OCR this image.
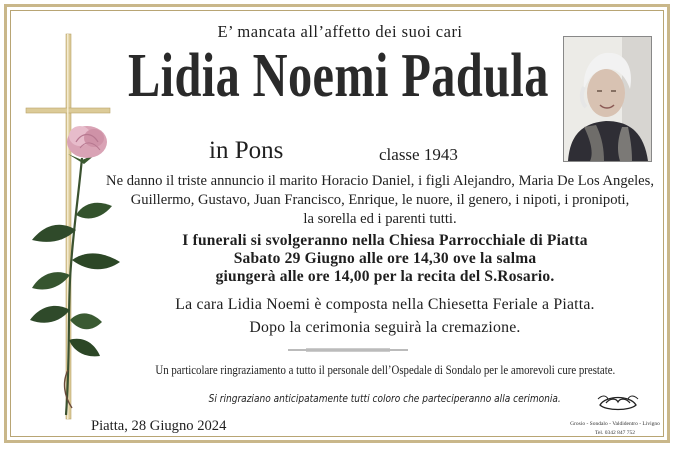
E’ mancata all’affetto dei suoi cari
Lidia Noemi Padula
in Pons	classe 1943
Ne danno il triste annuncio il marito Horacio Daniel, i figli Alejandro, Maria De Los Angeles,
Guillermo, Gustavo, Juan Francisco, Enrique, le nuore, il genero, i nipoti, i pronipoti,
la sorella ed i parenti tutti.
I funerali si svolgeranno nella Chiesa Parrocchiale di Piatta
Sabato 29 Giugno alle ore 14,30 ove la salma
giungerà alle ore 14,00 per la recita del S.Rosario.
La cara Lidia Noemi è composta nella Chiesetta Feriale a Piatta.
Dopo la cerimonia seguirà la cremazione.
Un particolare ringraziamento a tutto il personale dell’Ospedale di Sondalo per le amorevoli cure prestate.
Si ringraziano anticipatamente tutti coloro che parteciperanno alla cerimonia.
Piatta, 28 Giugno 2024	Grosio - Sondalo - Valdidentro - Livigno
Tel. 0342 847 752
